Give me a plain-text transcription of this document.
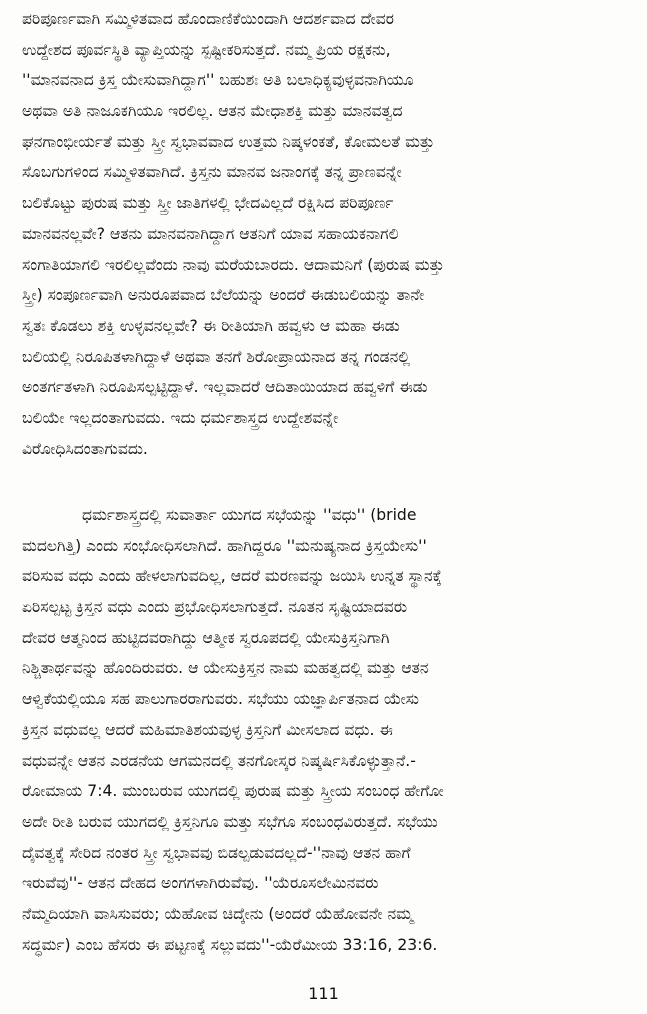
ಪರಿಪೂರ್ಣವಾಗಿ ಸಮ್ಮಿಳಿತವಾದ ಹೊಂದಾಣಿಕೆಯಿಂದಾಗಿ ಆದರ್ಶವಾದ ದೇವರ
ಉದ್ದೇಶದ ಪೂರ್ವಸ್ಥಿತಿ ವ್ಯಾಪ್ತಿಯನ್ನು ಸ್ಪಷ್ಟೀಕರಿಸುತ್ತದೆ. ನಮ್ಮ ಪ್ರಿಯ ರಕ್ಷಕನು,
''ಮಾನವನಾದ ಕ್ರಿಸ್ತ ಯೇಸುವಾಗಿದ್ದಾಗ'' ಬಹುಶಃ ಅತಿ ಬಲಾಧಿಕ್ಯವುಳ್ಳವನಾಗಿಯೂ
ಅಥವಾ ಅತಿ ನಾಜೂಕಗಿಯೂ ಇರಲಿಲ್ಲ. ಆತನ ಮೇಧಾಶಕ್ತಿ ಮತ್ತು ಮಾನವತ್ವದ
ಘನಗಾಂಭೀರ್ಯತೆ ಮತ್ತು ಸ್ತ್ರೀ ಸ್ವಭಾವವಾದ ಉತ್ತಮ ನಿಷ್ಕಳಂಕತೆ, ಕೋಮಲತೆ ಮತ್ತು
ಸೊಬಗುಗಳಿಂದ ಸಮ್ಮಿಳಿತವಾಗಿದೆ. ಕ್ರಿಸ್ತನು ಮಾನವ ಜನಾಂಗಕ್ಕೆ ತನ್ನ ಪ್ರಾಣವನ್ನೇ
ಬಲಿಕೊಟ್ಟು ಪುರುಷ ಮತ್ತು ಸ್ತ್ರೀ ಜಾತಿಗಳಲ್ಲಿ ಭೇದವಿಲ್ಲದೆ ರಕ್ಷಿಸಿದ ಪರಿಪೂರ್ಣ
ಮಾನವನಲ್ಲವೇ? ಆತನು ಮಾನವನಾಗಿದ್ದಾಗ ಆತನಿಗೆ ಯಾವ ಸಹಾಯಕನಾಗಲಿ
ಸಂಗಾತಿಯಾಗಲಿ ಇರಲಿಲ್ಲವೆಂದು ನಾವು ಮರೆಯಬಾರದು. ಆದಾಮನಿಗೆ (ಪುರುಷ ಮತ್ತು
ಸ್ತ್ರೀ) ಸಂಪೂರ್ಣವಾಗಿ ಅನುರೂಪವಾದ ಬೆಲೆಯನ್ನು ಅಂದರೆ ಈಡುಬಲಿಯನ್ನು ತಾನೇ
ಸ್ವತಃ ಕೊಡಲು ಶಕ್ತಿ ಉಳ್ಳವನಲ್ಲವೇ? ಈ ರೀತಿಯಾಗಿ ಹವ್ವಳು ಆ ಮಹಾ ಈಡು
ಬಲಿಯಲ್ಲಿ ನಿರೂಪಿತಳಾಗಿದ್ದಾಳೆ ಅಥವಾ ತನಗೆ ಶಿರೋಪ್ರಾಯನಾದ ತನ್ನ ಗಂಡನಲ್ಲಿ
ಅಂತರ್ಗತಳಾಗಿ ನಿರೂಪಿಸಲ್ಪಟ್ಟಿದ್ದಾಳೆ. ಇಲ್ಲವಾದರೆ ಆದಿತಾಯಿಯಾದ ಹವ್ವಳಿಗೆ ಈಡು
ಬಲಿಯೇ ಇಲ್ಲದಂತಾಗುವದು. ಇದು ಧರ್ಮಶಾಸ್ತ್ರದ ಉದ್ದೇಶವನ್ನೇ
ವಿರೋಧಿಸಿದಂತಾಗುವದು.
ಧರ್ಮಶಾಸ್ತ್ರದಲ್ಲಿ ಸುವಾರ್ತಾ ಯುಗದ ಸಭೆಯನ್ನು ''ವಧು'' (bride
ಮದಲಗಿತ್ತಿ) ಎಂದು ಸಂಭೋಧಿಸಲಾಗಿದೆ. ಹಾಗಿದ್ದರೂ ''ಮನುಷ್ಯನಾದ ಕ್ರಿಸ್ತಯೇಸು''
ವರಿಸುವ ವಧು ಎಂದು ಹೇಳಲಾಗುವದಿಲ್ಲ, ಆದರೆ ಮರಣವನ್ನು ಜಯಿಸಿ ಉನ್ನತ ಸ್ಥಾನಕ್ಕೆ
ಏರಿಸಲ್ಪಟ್ಟ ಕ್ರಿಸ್ತನ ವಧು ಎಂದು ಪ್ರಭೋಧಿಸಲಾಗುತ್ತದೆ. ನೂತನ ಸೃಷ್ಟಿಯಾದವರು
ದೇವರ ಆತ್ಮನಿಂದ ಹುಟ್ಟಿದವರಾಗಿದ್ದು ಆತ್ಮೀಕ ಸ್ವರೂಪದಲ್ಲಿ ಯೇಸುಕ್ರಿಸ್ತನಿಗಾಗಿ
ನಿಶ್ಚಿತಾರ್ಥವನ್ನು ಹೊಂದಿರುವರು. ಆ ಯೇಸುಕ್ರಿಸ್ತನ ನಾಮ ಮಹತ್ವದಲ್ಲಿ ಮತ್ತು ಆತನ
ಆಳ್ವಿಕೆಯಲ್ಲಿಯೂ ಸಹ ಪಾಲುಗಾರರಾಗುವರು. ಸಭೆಯು ಯಜ್ಞಾರ್ಪಿತನಾದ ಯೇಸು
ಕ್ರಿಸ್ತನ ವಧುವಲ್ಲ ಆದರೆ ಮಹಿಮಾತಿಶಯವುಳ್ಳ ಕ್ರಿಸ್ತನಿಗೆ ಮೀಸಲಾದ ವಧು. ಈ
ವಧುವನ್ನೇ ಆತನ ಎರಡನೆಯ ಆಗಮನದಲ್ಲಿ ತನಗೋಸ್ಕರ ನಿಷ್ಕರ್ಷಿಸಿಕೊಳ್ಳುತ್ತಾನೆ.-
ರೋಮಾಯ 7:4. ಮುಂಬರುವ ಯುಗದಲ್ಲಿ ಪುರುಷ ಮತ್ತು ಸ್ತ್ರೀಯ ಸಂಬಂಧ ಹೇಗೋ
ಅದೇ ರೀತಿ ಬರುವ ಯುಗದಲ್ಲಿ ಕ್ರಿಸ್ತನಿಗೂ ಮತ್ತು ಸಭೆಗೂ ಸಂಬಂಧವಿರುತ್ತದೆ. ಸಭೆಯು
ದೈವತ್ವಕ್ಕೆ ಸೇರಿದ ನಂತರ ಸ್ತ್ರೀ ಸ್ವಭಾವವು ಬಿಡಲ್ಪಡುವದಲ್ಲದೆ-''ನಾವು ಆತನ ಹಾಗೆ
ಇರುವೆವು''- ಆತನ ದೇಹದ ಅಂಗಗಳಾಗಿರುವೆವು. ''ಯೆರೂಸಲೇಮಿನವರು
ನೆಮ್ಮದಿಯಾಗಿ ವಾಸಿಸುವರು; ಯೆಹೋವ ಚಿದ್ಕೇನು (ಅಂದರೆ ಯೆಹೋವನೇ ನಮ್ಮ
ಸದ್ಧರ್ಮ) ಎಂಬ ಹೆಸರು ಈ ಪಟ್ಟಣಕ್ಕೆ ಸಲ್ಲುವದು''-ಯೆರೆಮೀಯ 33:16, 23:6.
111
